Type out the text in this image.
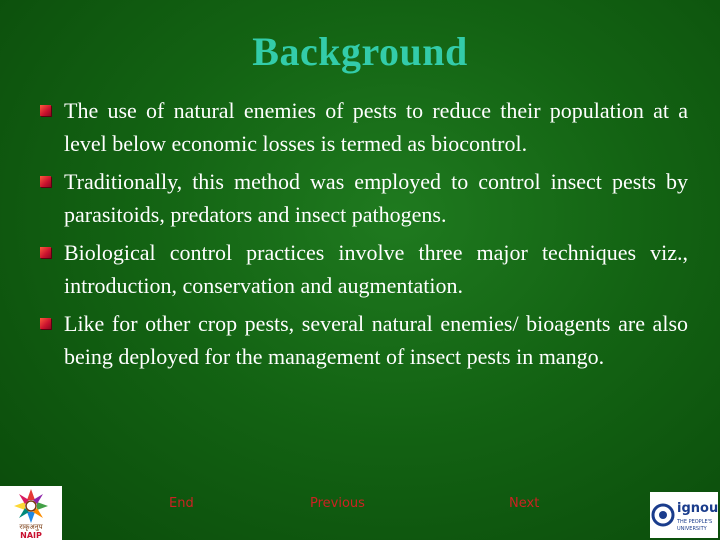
Background
The use of natural enemies of pests to reduce their population at a level below economic losses is termed as biocontrol.
Traditionally, this method was employed to control insect pests by parasitoids, predators and insect pathogens.
Biological control practices involve three major techniques viz., introduction, conservation and augmentation.
Like for other crop pests, several natural enemies/ bioagents are also being deployed for the management of insect pests in mango.
राकृअनुप
NAIP
End	Previous	Next	ignou
THE PEOPLE'S
UNIVERSITY
